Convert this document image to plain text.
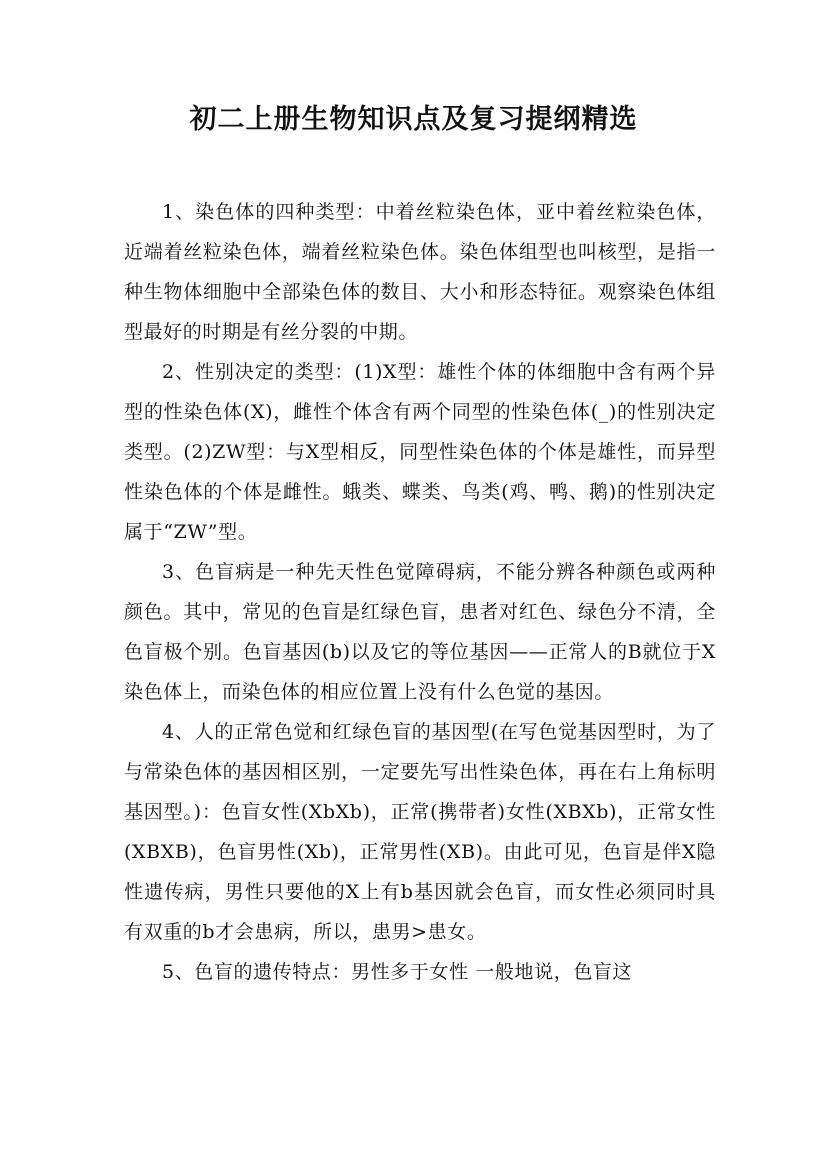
初二上册生物知识点及复习提纲精选

1、染色体的四种类型：中着丝粒染色体，亚中着丝粒染色体，近端着丝粒染色体，端着丝粒染色体。染色体组型也叫核型，是指一种生物体细胞中全部染色体的数目、大小和形态特征。观察染色体组型最好的时期是有丝分裂的中期。

2、性别决定的类型：(1)X型：雄性个体的体细胞中含有两个异型的性染色体(X)，雌性个体含有两个同型的性染色体(_)的性别决定类型。(2)ZW型：与X型相反，同型性染色体的个体是雄性，而异型性染色体的个体是雌性。蛾类、蝶类、鸟类(鸡、鸭、鹅)的性别决定属于“ZW”型。

3、色盲病是一种先天性色觉障碍病，不能分辨各种颜色或两种颜色。其中，常见的色盲是红绿色盲，患者对红色、绿色分不清，全色盲极个别。色盲基因(b)以及它的等位基因——正常人的B就位于X染色体上，而染色体的相应位置上没有什么色觉的基因。

4、人的正常色觉和红绿色盲的基因型(在写色觉基因型时，为了与常染色体的基因相区别，一定要先写出性染色体，再在右上角标明基因型。)：色盲女性(XbXb)，正常(携带者)女性(XBXb)，正常女性(XBXB)，色盲男性(Xb)，正常男性(XB)。由此可见，色盲是伴X隐性遗传病，男性只要他的X上有b基因就会色盲，而女性必须同时具有双重的b才会患病，所以，患男>患女。

5、色盲的遗传特点：男性多于女性 一般地说，色盲这
